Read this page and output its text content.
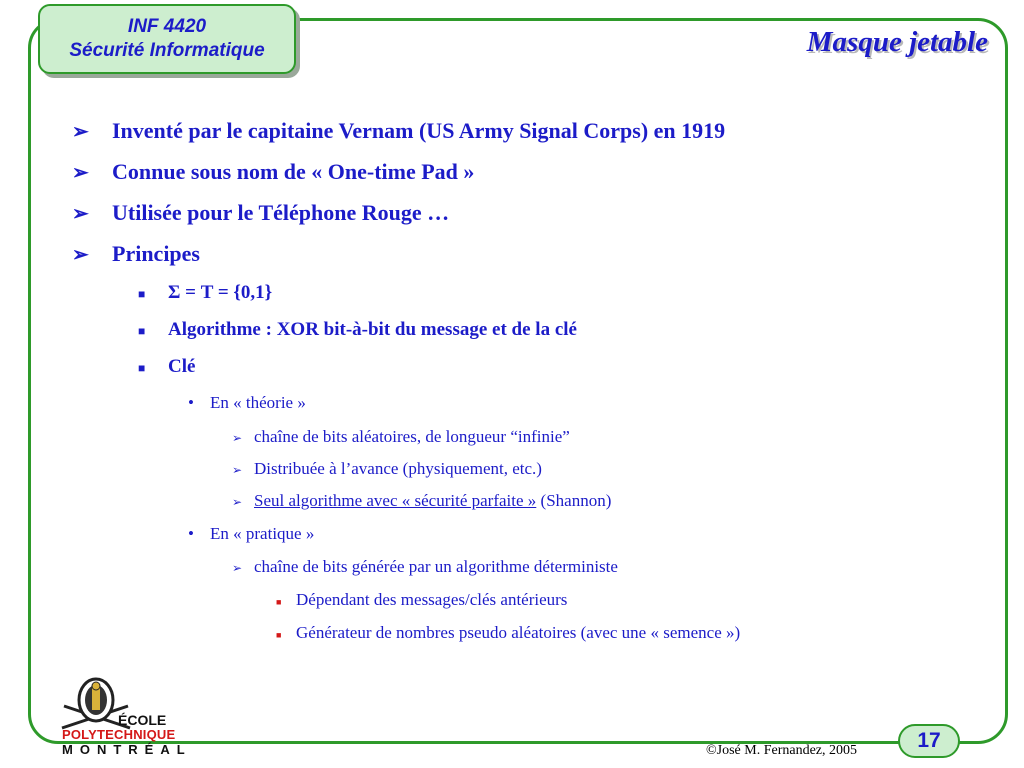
INF 4420
Sécurité Informatique	Masque jetable
➢	Inventé par le capitaine Vernam (US Army Signal Corps) en 1919
➢	Connue sous nom de « One-time Pad »
➢	Utilisée pour le Téléphone Rouge …
➢	Principes
■	Σ = T = {0,1}
■	Algorithme : XOR bit-à-bit du message et de la clé
■	Clé
• En « théorie »
➢ chaîne de bits aléatoires, de longueur “infinie”
➢ Distribuée à l’avance (physiquement, etc.)
➢ Seul algorithme avec « sécurité parfaite » (Shannon)
• En « pratique »
➢ chaîne de bits générée par un algorithme déterministe
■ Dépendant des messages/clés antérieurs
■ Générateur de nombres pseudo aléatoires (avec une « semence »)
ÉCOLE
POLYTECHNIQUE
MONTRÉAL	17
©José M. Fernandez, 2005
